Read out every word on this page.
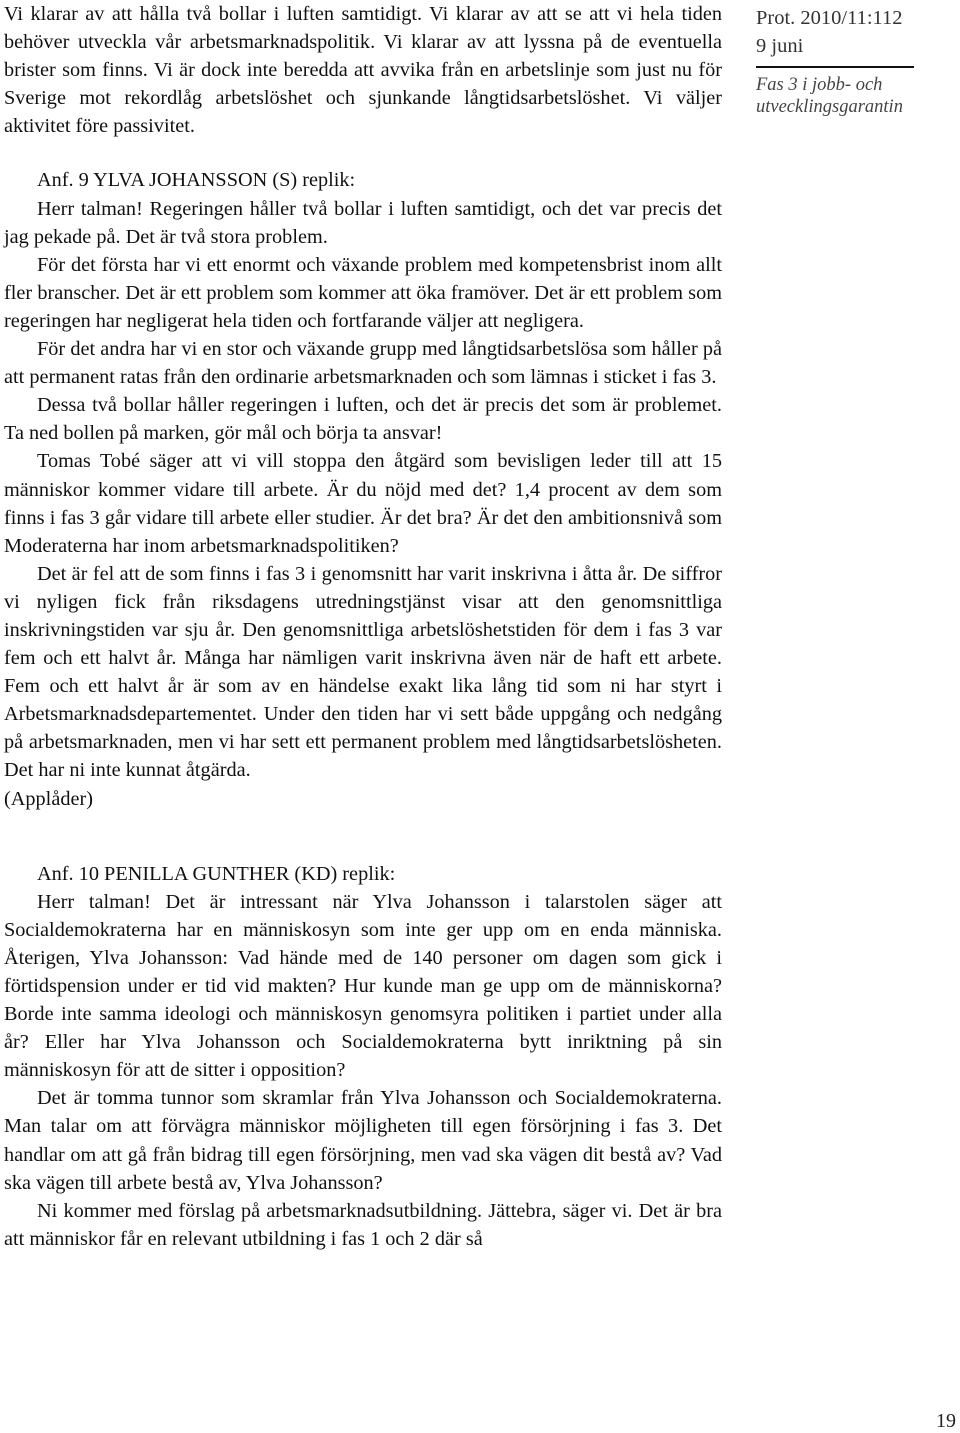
Vi klarar av att hålla två bollar i luften samtidigt. Vi klarar av att se att vi hela tiden behöver utveckla vår arbetsmarknadspolitik. Vi klarar av att lyssna på de eventuella brister som finns. Vi är dock inte beredda att avvika från en arbetslinje som just nu för Sverige mot rekordlåg arbetslöshet och sjunkande långtidsarbetslöshet. Vi väljer aktivitet före passivitet.

Anf. 9 YLVA JOHANSSON (S) replik:

Herr talman! Regeringen håller två bollar i luften samtidigt, och det var precis det jag pekade på. Det är två stora problem.

För det första har vi ett enormt och växande problem med kompetensbrist inom allt fler branscher. Det är ett problem som kommer att öka framöver. Det är ett problem som regeringen har negligerat hela tiden och fortfarande väljer att negligera.

För det andra har vi en stor och växande grupp med långtidsarbetslösa som håller på att permanent ratas från den ordinarie arbetsmarknaden och som lämnas i sticket i fas 3.

Dessa två bollar håller regeringen i luften, och det är precis det som är problemet. Ta ned bollen på marken, gör mål och börja ta ansvar!

Tomas Tobé säger att vi vill stoppa den åtgärd som bevisligen leder till att 15 människor kommer vidare till arbete. Är du nöjd med det? 1,4 procent av dem som finns i fas 3 går vidare till arbete eller studier. Är det bra? Är det den ambitionsnivå som Moderaterna har inom arbetsmarknadspolitiken?

Det är fel att de som finns i fas 3 i genomsnitt har varit inskrivna i åtta år. De siffror vi nyligen fick från riksdagens utredningstjänst visar att den genomsnittliga inskrivningstiden var sju år. Den genomsnittliga arbetslöshetstiden för dem i fas 3 var fem och ett halvt år. Många har nämligen varit inskrivna även när de haft ett arbete. Fem och ett halvt år är som av en händelse exakt lika lång tid som ni har styrt i Arbetsmarknadsdepartementet. Under den tiden har vi sett både uppgång och nedgång på arbetsmarknaden, men vi har sett ett permanent problem med långtidsarbetslösheten. Det har ni inte kunnat åtgärda.

(Applåder)

Anf. 10 PENILLA GUNTHER (KD) replik:

Herr talman! Det är intressant när Ylva Johansson i talarstolen säger att Socialdemokraterna har en människosyn som inte ger upp om en enda människa. Återigen, Ylva Johansson: Vad hände med de 140 personer om dagen som gick i förtidspension under er tid vid makten? Hur kunde man ge upp om de människorna? Borde inte samma ideologi och människosyn genomsyra politiken i partiet under alla år? Eller har Ylva Johansson och Socialdemokraterna bytt inriktning på sin människosyn för att de sitter i opposition?

Det är tomma tunnor som skramlar från Ylva Johansson och Socialdemokraterna. Man talar om att förvägra människor möjligheten till egen försörjning i fas 3. Det handlar om att gå från bidrag till egen försörjning, men vad ska vägen dit bestå av? Vad ska vägen till arbete bestå av, Ylva Johansson?

Ni kommer med förslag på arbetsmarknadsutbildning. Jättebra, säger vi. Det är bra att människor får en relevant utbildning i fas 1 och 2 där så

Prot. 2010/11:112
9 juni
Fas 3 i jobb- och
utvecklingsgarantin
19
